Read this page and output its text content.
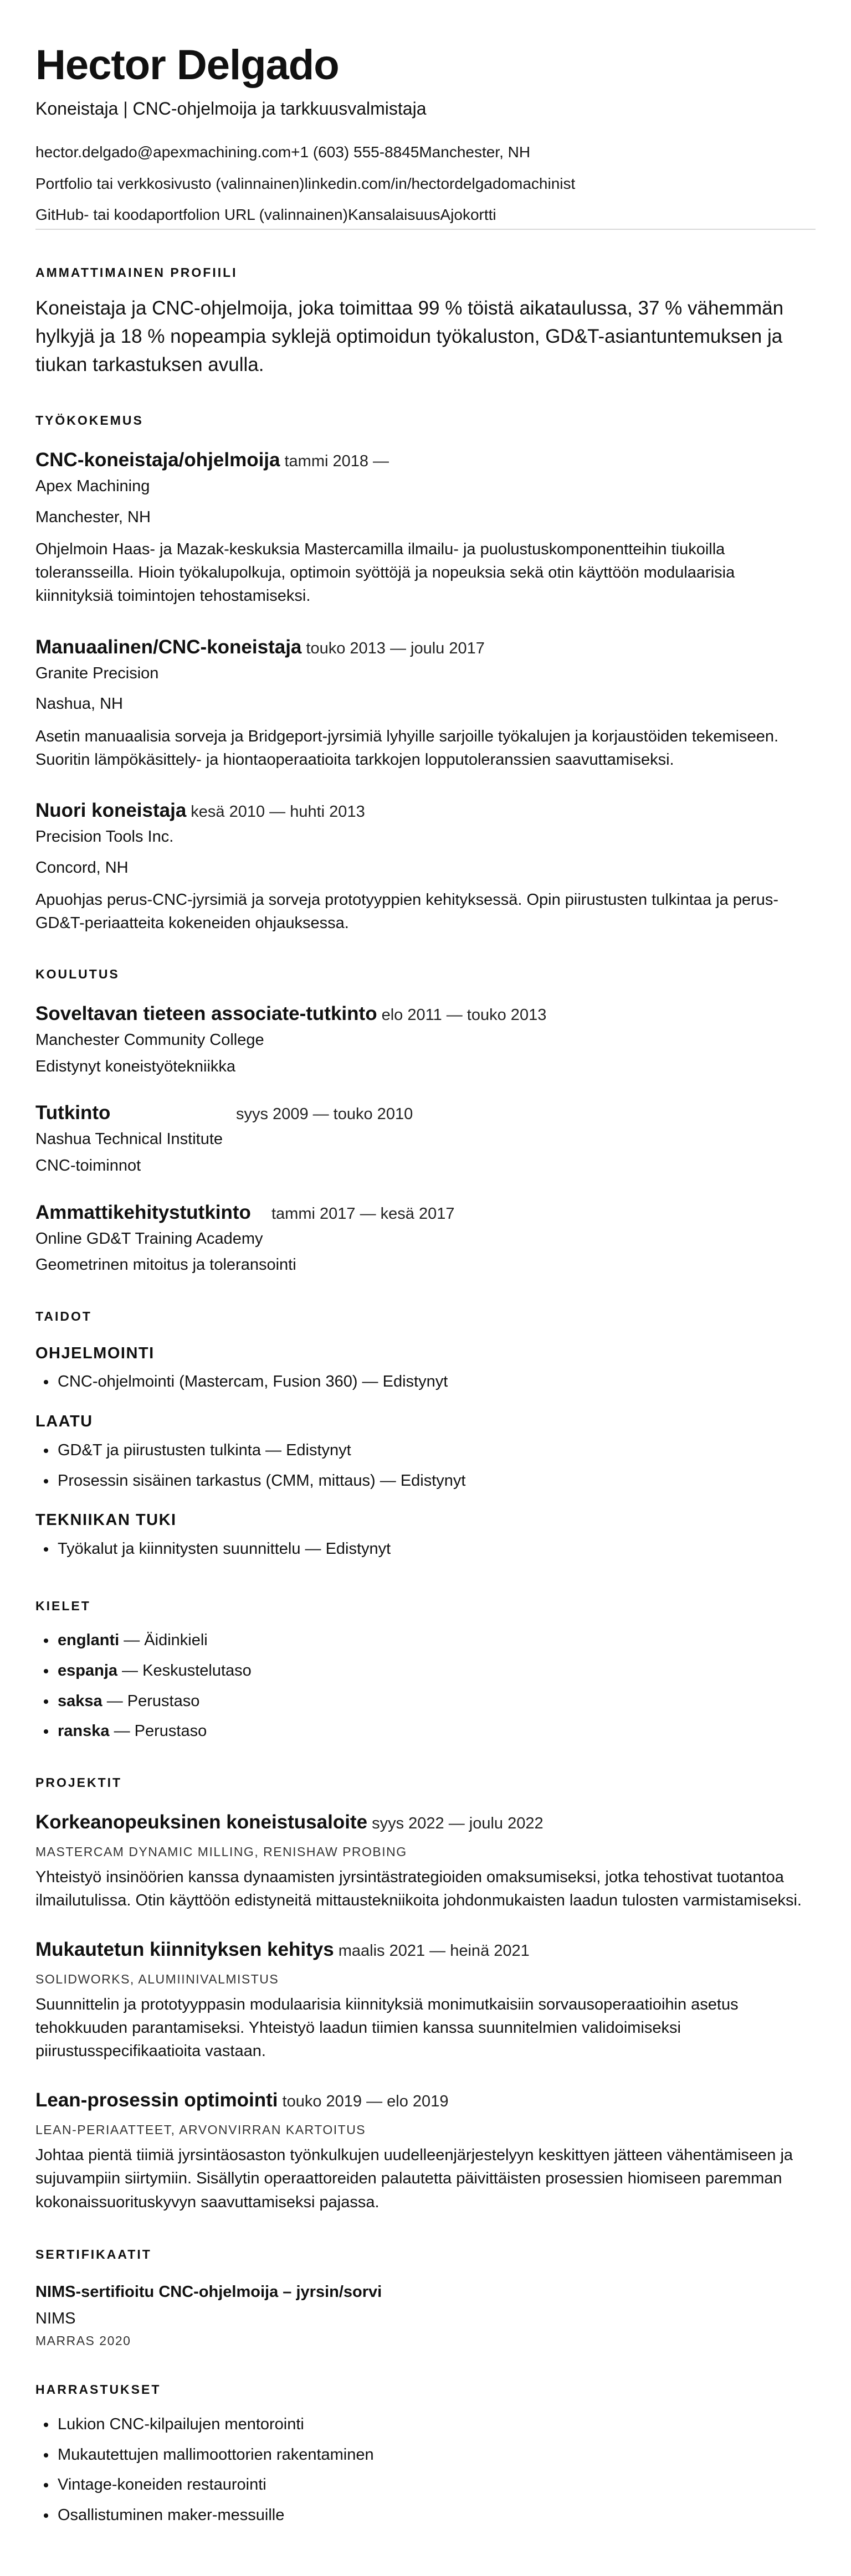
Hector Delgado

Koneistaja | CNC-ohjelmoija ja tarkkuusvalmistaja

hector.delgado@apexmachining.com+1 (603) 555-8845Manchester, NH

Portfolio tai verkkosivusto (valinnainen)linkedin.com/in/hectordelgadomachinist

GitHub- tai koodaportfolion URL (valinnainen)KansalaisuusAjokortti

AMMATTIMAINEN PROFIILI

Koneistaja ja CNC-ohjelmoija, joka toimittaa 99 % töistä aikataulussa, 37 % vähemmän hylkyjä ja 18 % nopeampia syklejä optimoidun työkaluston, GD&T-asiantuntemuksen ja tiukan tarkastuksen avulla.

TYÖKOKEMUS
CNC-koneistaja/ohjelmoija tammi 2018 —

Apex Machining

Manchester, NH

Ohjelmoin Haas- ja Mazak-keskuksia Mastercamilla ilmailu- ja puolustuskomponentteihin tiukoilla toleransseilla. Hioin työkalupolkuja, optimoin syöttöjä ja nopeuksia sekä otin käyttöön modulaarisia kiinnityksiä toimintojen tehostamiseksi.

Manuaalinen/CNC-koneistaja touko 2013 — joulu 2017

Granite Precision

Nashua, NH

Asetin manuaalisia sorveja ja Bridgeport-jyrsimiä lyhyille sarjoille työkalujen ja korjaustöiden tekemiseen. Suoritin lämpökäsittely- ja hiontaoperaatioita tarkkojen lopputoleranssien saavuttamiseksi.

Nuori koneistaja kesä 2010 — huhti 2013

Precision Tools Inc.

Concord, NH

Apuohjas perus-CNC-jyrsimiä ja sorveja prototyyppien kehityksessä. Opin piirustusten tulkintaa ja perus-GD&T-periaatteita kokeneiden ohjauksessa.

KOULUTUS
Soveltavan tieteen associate-tutkinto elo 2011 — touko 2013

Manchester Community College

Edistynyt koneistyötekniikka

Tutkinto	syys 2009 — touko 2010

Nashua Technical Institute

CNC-toiminnot

Ammattikehitystutkinto	tammi 2017 — kesä 2017

Online GD&T Training Academy

Geometrinen mitoitus ja toleransointi

TAIDOT

OHJELMOINTI

• CNC-ohjelmointi (Mastercam, Fusion 360) — Edistynyt

LAATU

• GD&T ja piirustusten tulkinta — Edistynyt
• Prosessin sisäinen tarkastus (CMM, mittaus) — Edistynyt

TEKNIIKAN TUKI

• Työkalut ja kiinnitysten suunnittelu — Edistynyt
KIELET
• englanti — Äidinkieli
• espanja — Keskustelutaso
• saksa — Perustaso
• ranska — Perustaso
PROJEKTIT
Korkeanopeuksinen koneistusaloite syys 2022 — joulu 2022

MASTERCAM DYNAMIC MILLING, RENISHAW PROBING

Yhteistyö insinöörien kanssa dynaamisten jyrsintästrategioiden omaksumiseksi, jotka tehostivat tuotantoa ilmailutulissa. Otin käyttöön edistyneitä mittaustekniikoita johdonmukaisten laadun tulosten varmistamiseksi.

Mukautetun kiinnityksen kehitys maalis 2021 — heinä 2021

SOLIDWORKS, ALUMIINIVALMISTUS

Suunnittelin ja prototyyppasin modulaarisia kiinnityksiä monimutkaisiin sorvausoperaatioihin asetus tehokkuuden parantamiseksi. Yhteistyö laadun tiimien kanssa suunnitelmien validoimiseksi piirustusspecifikaatioita vastaan.

Lean-prosessin optimointi touko 2019 — elo 2019

LEAN-PERIAATTEET, ARVONVIRRAN KARTOITUS

Johtaa pientä tiimiä jyrsintäosaston työnkulkujen uudelleenjärjestelyyn keskittyen jätteen vähentämiseen ja sujuvampiin siirtymiin. Sisällytin operaattoreiden palautetta päivittäisten prosessien hiomiseen paremman kokonaissuorituskyvyn saavuttamiseksi pajassa.

SERTIFIKAATIT

NIMS-sertifioitu CNC-ohjelmoija – jyrsin/sorvi

NIMS

MARRAS 2020

HARRASTUKSET
• Lukion CNC-kilpailujen mentorointi
• Mukautettujen mallimoottorien rakentaminen
• Vintage-koneiden restaurointi
• Osallistuminen maker-messuille
